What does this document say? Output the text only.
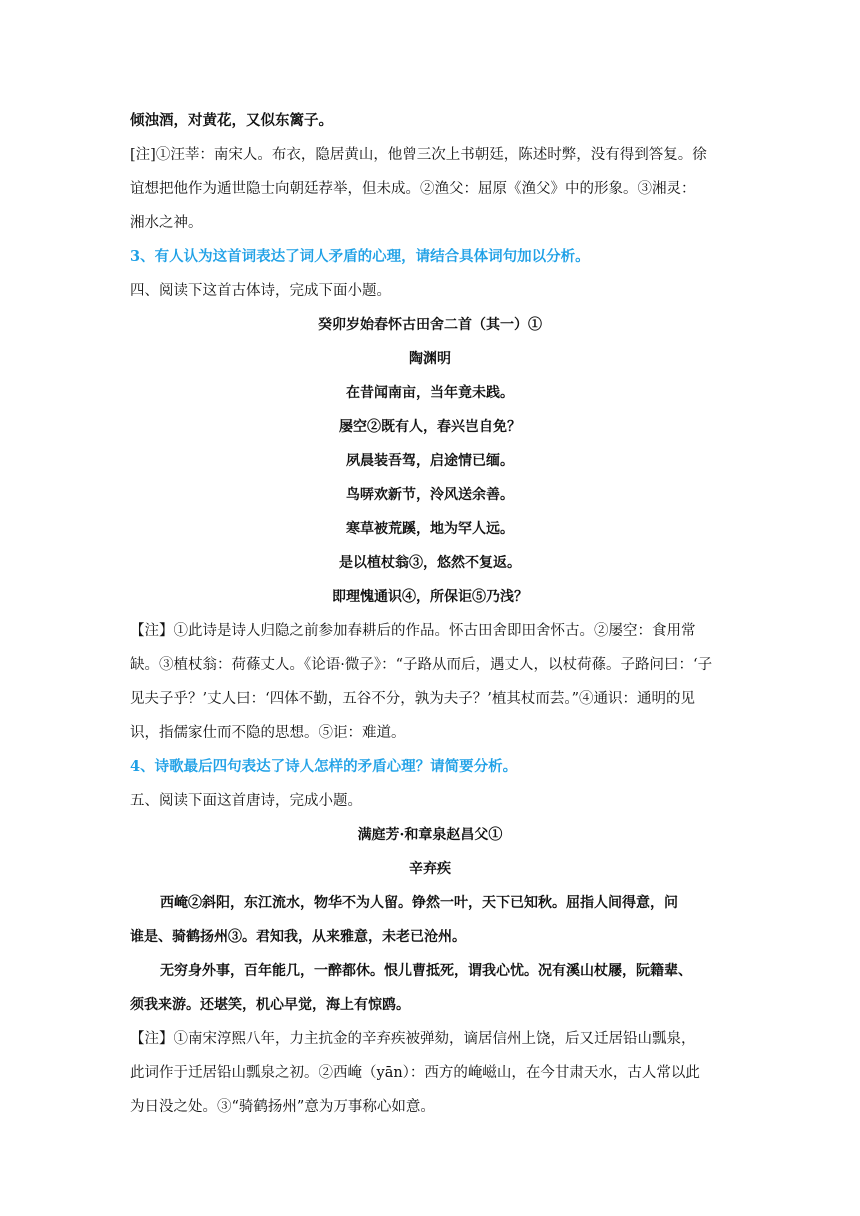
倾浊酒，对黄花，又似东篱子。
[注]①汪莘：南宋人。布衣，隐居黄山，他曾三次上书朝廷，陈述时弊，没有得到答复。徐
谊想把他作为遁世隐士向朝廷荐举，但未成。②渔父：屈原《渔父》中的形象。③湘灵：
湘水之神。
3、有人认为这首词表达了词人矛盾的心理，请结合具体词句加以分析。
四、阅读下这首古体诗，完成下面小题。
癸卯岁始春怀古田舍二首（其一）①
陶渊明
在昔闻南亩，当年竟未践。
屡空②既有人，春兴岂自免？
夙晨装吾驾，启途情已缅。
鸟哢欢新节，泠风送余善。
寒草被荒蹊，地为罕人远。
是以植杖翁③，悠然不复返。
即理愧通识④，所保讵⑤乃浅？
【注】①此诗是诗人归隐之前参加春耕后的作品。怀古田舍即田舍怀古。②屡空：食用常
缺。③植杖翁：荷蓧丈人。《论语·微子》：“子路从而后，遇丈人，以杖荷蓧。子路问曰：‘子
见夫子乎？’丈人曰：‘四体不勤，五谷不分，孰为夫子？’植其杖而芸。”④通识：通明的见
识，指儒家仕而不隐的思想。⑤讵：难道。
4、诗歌最后四句表达了诗人怎样的矛盾心理？请简要分析。
五、阅读下面这首唐诗，完成小题。
满庭芳·和章泉赵昌父①
辛弃疾
西崦②斜阳，东江流水，物华不为人留。铮然一叶，天下已知秋。屈指人间得意，问
谁是、骑鹤扬州③。君知我，从来雅意，未老已沧州。
无穷身外事，百年能几，一醉都休。恨儿曹抵死，谓我心忧。况有溪山杖屦，阮籍辈、
须我来游。还堪笑，机心早觉，海上有惊鸥。
【注】①南宋淳熙八年，力主抗金的辛弃疾被弹劾，谪居信州上饶，后又迁居铅山瓢泉，
此词作于迁居铅山瓢泉之初。②西崦（yān）：西方的崦嵫山，在今甘肃天水，古人常以此
为日没之处。③“骑鹤扬州”意为万事称心如意。
